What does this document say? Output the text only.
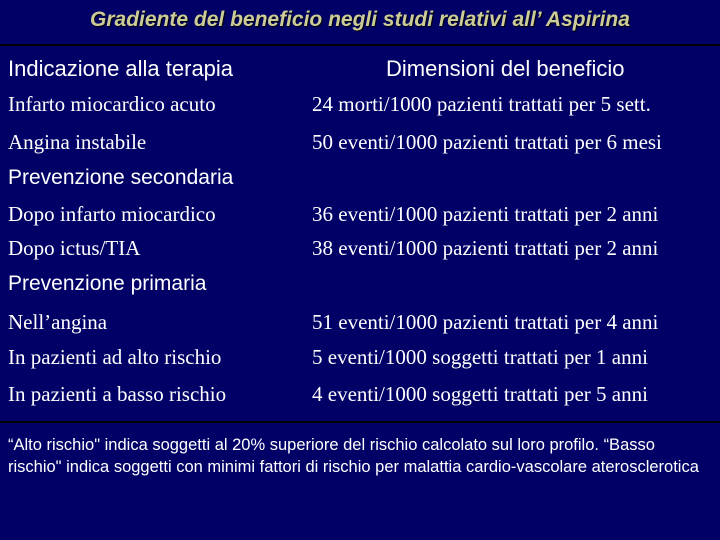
Gradiente del beneficio negli studi relativi all’ Aspirina
Indicazione alla terapia	Dimensioni del beneficio
Infarto miocardico acuto	24 morti/1000 pazienti trattati per 5 sett.
Angina instabile	50 eventi/1000 pazienti trattati per 6 mesi
Prevenzione secondaria
Dopo infarto miocardico	36 eventi/1000 pazienti trattati per 2 anni
Dopo ictus/TIA	38 eventi/1000 pazienti trattati per 2 anni
Prevenzione primaria
Nell’angina	51 eventi/1000 pazienti trattati per 4 anni
In pazienti ad alto rischio	5 eventi/1000 soggetti trattati per 1 anni
In pazienti a basso rischio	4 eventi/1000 soggetti trattati per 5 anni
“Alto rischio" indica soggetti al 20% superiore del rischio calcolato sul loro profilo. “Basso rischio" indica soggetti con minimi fattori di rischio per malattia cardio-vascolare aterosclerotica
